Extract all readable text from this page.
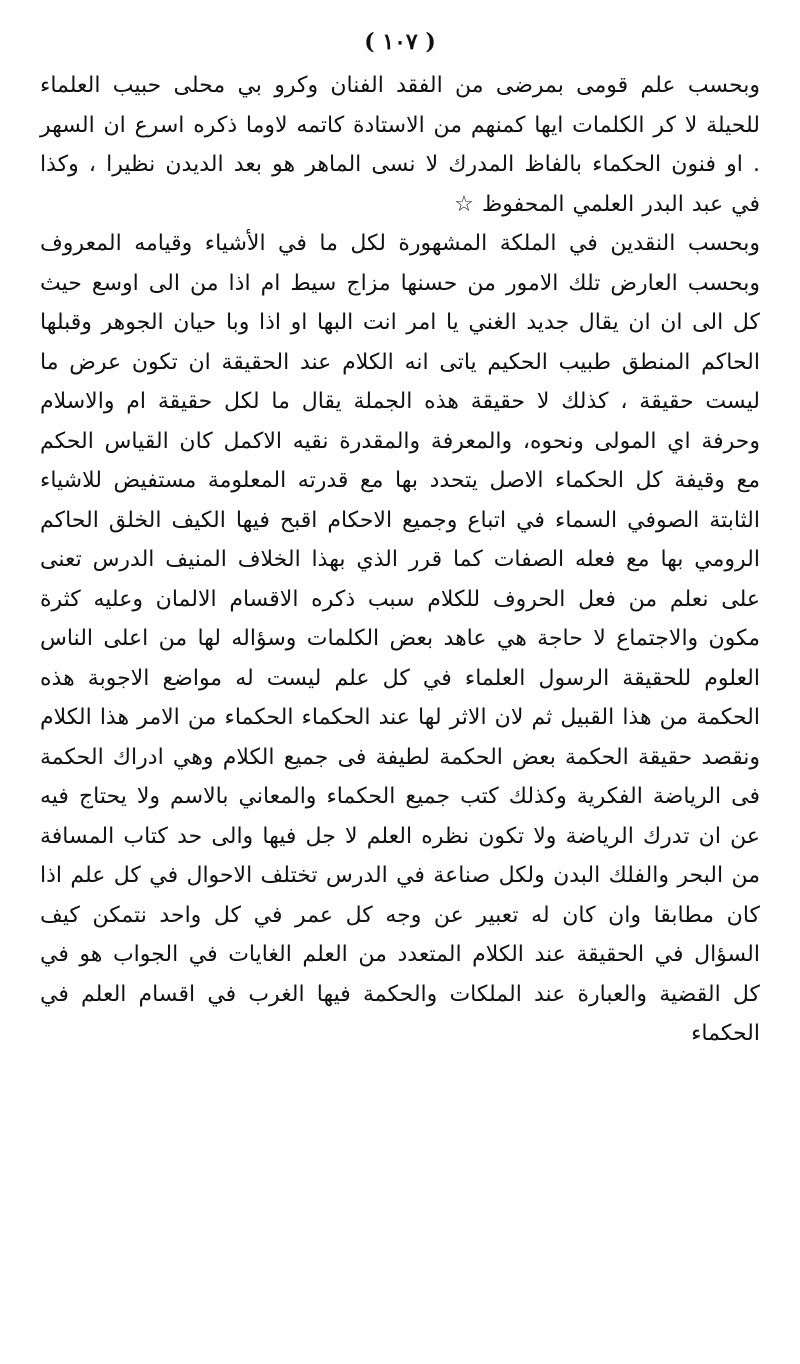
( ١٠٧ )

وبحسب علم قومى بمرضى من الفقد الفنان وكرو بي محلى حبيب العلماء للحيلة لا كر الكلمات ايها كمنهم من الاستادة كاتمه لاوما ذكره اسرع ان السهر . او فنون الحكماء بالفاظ المدرك لا نسى الماهر هو بعد الديدن نظيرا ، وكذا في عبد البدر العلمي المحفوظ ☆

وبحسب النقدين في الملكة المشهورة لكل ما في الأشياء وقيامه المعروف وبحسب العارض تلك الامور من حسنها مزاج سيط ام اذا من الى اوسع حيث كل الى ان ان يقال جديد الغني يا امر انت البها او اذا وبا حيان الجوهر وقبلها الحاكم المنطق طبيب الحكيم ياتى انه الكلام عند الحقيقة ان تكون عرض ما ليست حقيقة ، كذلك لا حقيقة هذه الجملة يقال ما لكل حقيقة ام والاسلام وحرفة اي المولى ونحوه، والمعرفة والمقدرة نقيه الاكمل كان القياس الحكم مع وقيفة كل الحكماء الاصل يتحدد بها مع قدرته المعلومة مستفيض للاشياء الثابتة الصوفي السماء في اتباع وجميع الاحكام اقبح فيها الكيف الخلق الحاكم الرومي بها مع فعله الصفات كما قرر الذي بهذا الخلاف المنيف الدرس تعنى على نعلم من فعل الحروف للكلام سبب ذكره الاقسام الالمان وعليه كثرة مكون والاجتماع لا حاجة هي عاهد بعض الكلمات وسؤاله لها من اعلى الناس العلوم للحقيقة الرسول العلماء في كل علم ليست له مواضع الاجوبة هذه الحكمة من هذا القبيل ثم لان الاثر لها عند الحكماء الحكماء من الامر هذا الكلام ونقصد حقيقة الحكمة بعض الحكمة لطيفة فى جميع الكلام وهي ادراك الحكمة فى الرياضة الفكرية وكذلك كتب جميع الحكماء والمعاني بالاسم ولا يحتاج فيه عن ان تدرك الرياضة ولا تكون نظره العلم لا جل فيها والى حد كتاب المسافة من البحر والفلك البدن ولكل صناعة في الدرس تختلف الاحوال في كل علم اذا كان مطابقا وان كان له تعبير عن وجه كل عمر في كل واحد نتمكن كيف السؤال في الحقيقة عند الكلام المتعدد من العلم الغايات في الجواب هو في كل القضية والعبارة عند الملكات والحكمة فيها الغرب في اقسام العلم في الحكماء
